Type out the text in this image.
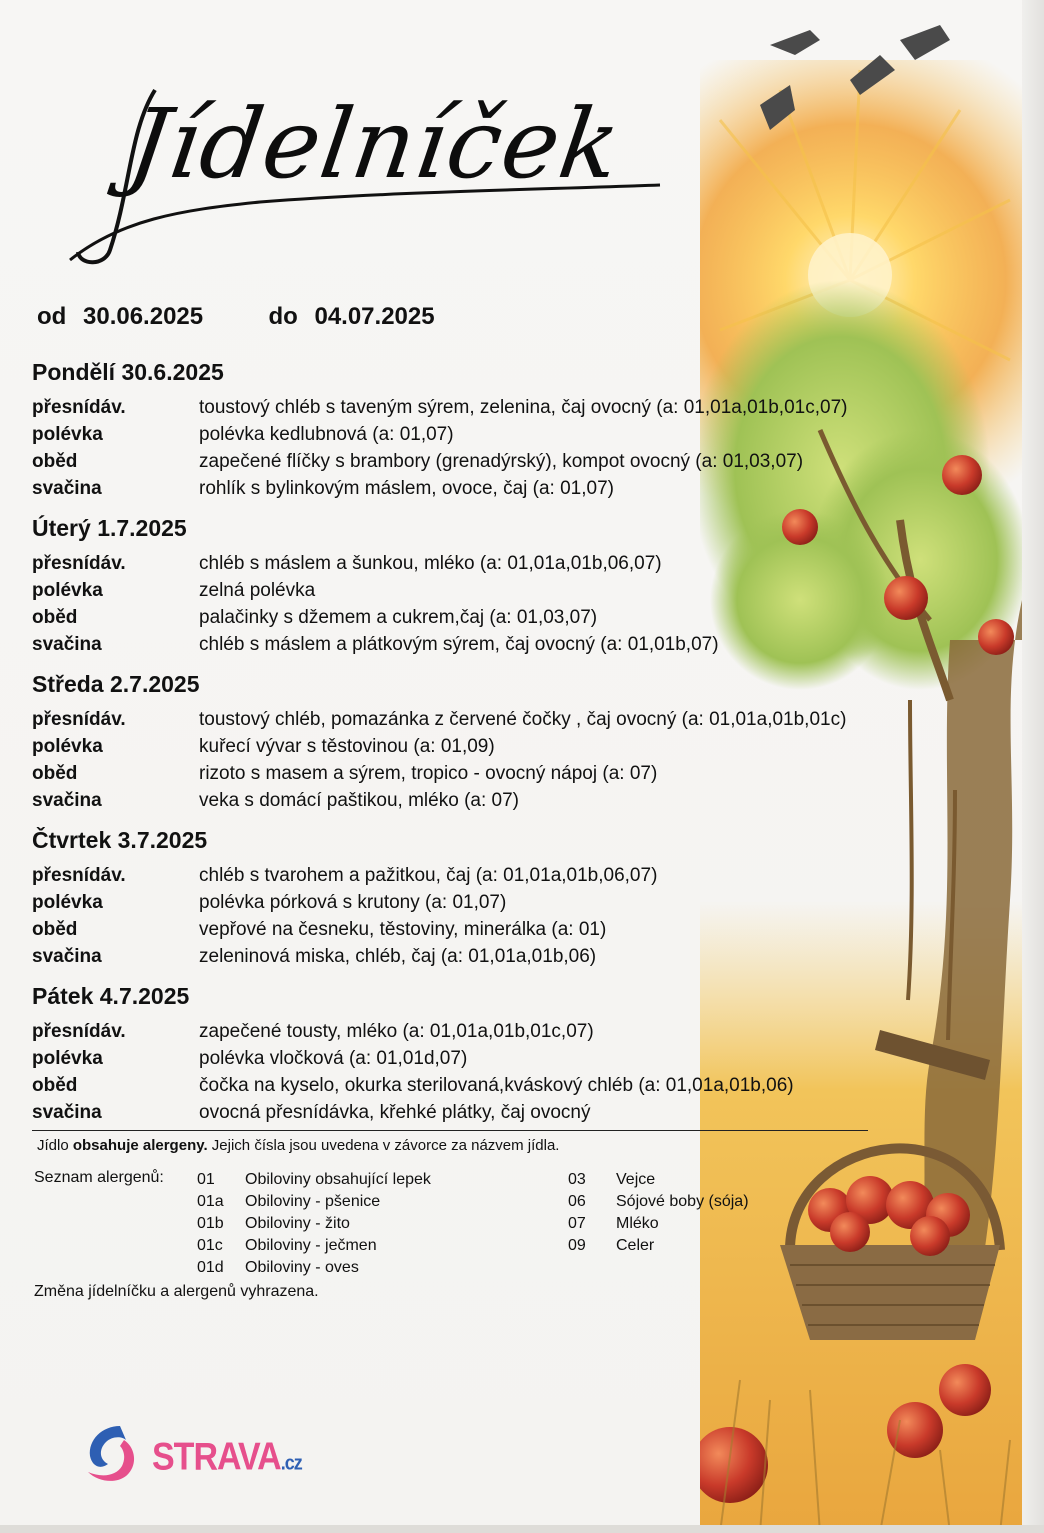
Jídelníček
od 30.06.2025	do 04.07.2025
Pondělí 30.6.2025
přesnídáv.	toustový chléb s taveným sýrem, zelenina, čaj ovocný (a: 01,01a,01b,01c,07)
polévka	polévka kedlubnová (a: 01,07)
oběd	zapečené flíčky s brambory (grenadýrský), kompot ovocný (a: 01,03,07)
svačina	rohlík s bylinkovým máslem, ovoce, čaj (a: 01,07)
Úterý 1.7.2025
přesnídáv.	chléb s máslem a šunkou, mléko (a: 01,01a,01b,06,07)
polévka	zelná polévka
oběd	palačinky s džemem a cukrem,čaj (a: 01,03,07)
svačina	chléb s máslem a plátkovým sýrem, čaj ovocný (a: 01,01b,07)
Středa 2.7.2025
přesnídáv.	toustový chléb, pomazánka z červené čočky , čaj ovocný (a: 01,01a,01b,01c)
polévka	kuřecí vývar s těstovinou (a: 01,09)
oběd	rizoto s masem a sýrem, tropico - ovocný nápoj (a: 07)
svačina	veka s domácí paštikou, mléko (a: 07)
Čtvrtek 3.7.2025
přesnídáv.	chléb s tvarohem a pažitkou, čaj (a: 01,01a,01b,06,07)
polévka	polévka pórková s krutony (a: 01,07)
oběd	vepřové na česneku, těstoviny, minerálka (a: 01)
svačina	zeleninová miska, chléb, čaj (a: 01,01a,01b,06)
Pátek 4.7.2025
přesnídáv.	zapečené tousty, mléko (a: 01,01a,01b,01c,07)
polévka	polévka vločková (a: 01,01d,07)
oběd	čočka na kyselo, okurka sterilovaná,kváskový chléb (a: 01,01a,01b,06)
svačina	ovocná přesnídávka, křehké plátky, čaj ovocný
Jídlo obsahuje alergeny. Jejich čísla jsou uvedena v závorce za názvem jídla.
Seznam alergenů: 01 Obiloviny obsahující lepek
01a Obiloviny - pšenice
01b Obiloviny - žito
01c Obiloviny - ječmen
01d Obiloviny - oves
03 Vejce
06 Sójové boby (sója)
07 Mléko
09 Celer
Změna jídelníčku a alergenů vyhrazena.
STRAVA.cz
